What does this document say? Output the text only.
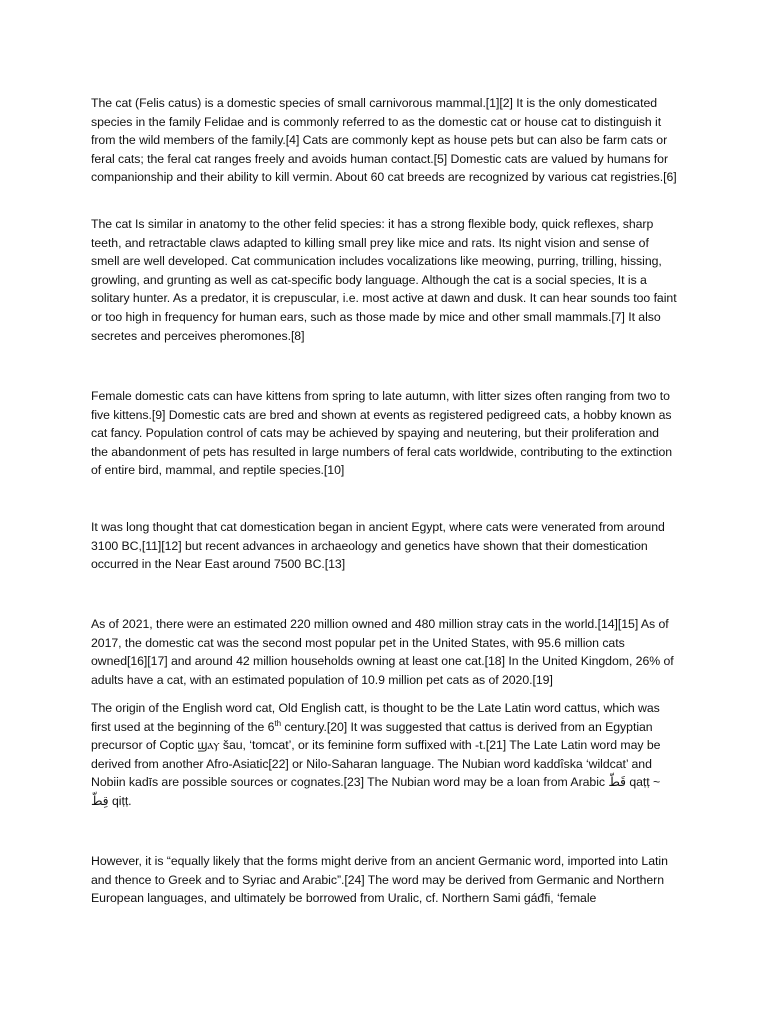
The cat (Felis catus) is a domestic species of small carnivorous mammal.[1][2] It is the only domesticated species in the family Felidae and is commonly referred to as the domestic cat or house cat to distinguish it from the wild members of the family.[4] Cats are commonly kept as house pets but can also be farm cats or feral cats; the feral cat ranges freely and avoids human contact.[5] Domestic cats are valued by humans for companionship and their ability to kill vermin. About 60 cat breeds are recognized by various cat registries.[6]

The cat Is similar in anatomy to the other felid species: it has a strong flexible body, quick reflexes, sharp teeth, and retractable claws adapted to killing small prey like mice and rats. Its night vision and sense of smell are well developed. Cat communication includes vocalizations like meowing, purring, trilling, hissing, growling, and grunting as well as cat-specific body language. Although the cat is a social species, It is a solitary hunter. As a predator, it is crepuscular, i.e. most active at dawn and dusk. It can hear sounds too faint or too high in frequency for human ears, such as those made by mice and other small mammals.[7] It also secretes and perceives pheromones.[8]

Female domestic cats can have kittens from spring to late autumn, with litter sizes often ranging from two to five kittens.[9] Domestic cats are bred and shown at events as registered pedigreed cats, a hobby known as cat fancy. Population control of cats may be achieved by spaying and neutering, but their proliferation and the abandonment of pets has resulted in large numbers of feral cats worldwide, contributing to the extinction of entire bird, mammal, and reptile species.[10]

It was long thought that cat domestication began in ancient Egypt, where cats were venerated from around 3100 BC,[11][12] but recent advances in archaeology and genetics have shown that their domestication occurred in the Near East around 7500 BC.[13]

As of 2021, there were an estimated 220 million owned and 480 million stray cats in the world.[14][15] As of 2017, the domestic cat was the second most popular pet in the United States, with 95.6 million cats owned[16][17] and around 42 million households owning at least one cat.[18] In the United Kingdom, 26% of adults have a cat, with an estimated population of 10.9 million pet cats as of 2020.[19]

The origin of the English word cat, Old English catt, is thought to be the Late Latin word cattus, which was first used at the beginning of the 6th century.[20] It was suggested that cattus is derived from an Egyptian precursor of Coptic ϣⲁⲩ šau, ‘tomcat’, or its feminine form suffixed with -t.[21] The Late Latin word may be derived from another Afro-Asiatic[22] or Nilo-Saharan language. The Nubian word kaddîska ‘wildcat’ and Nobiin kadīs are possible sources or cognates.[23] The Nubian word may be a loan from Arabic قَطّ‎ qaṭṭ ~ قِطّ‎ qiṭṭ.

However, it is “equally likely that the forms might derive from an ancient Germanic word, imported into Latin and thence to Greek and to Syriac and Arabic”.[24] The word may be derived from Germanic and Northern European languages, and ultimately be borrowed from Uralic, cf. Northern Sami gáđfi, ‘female
